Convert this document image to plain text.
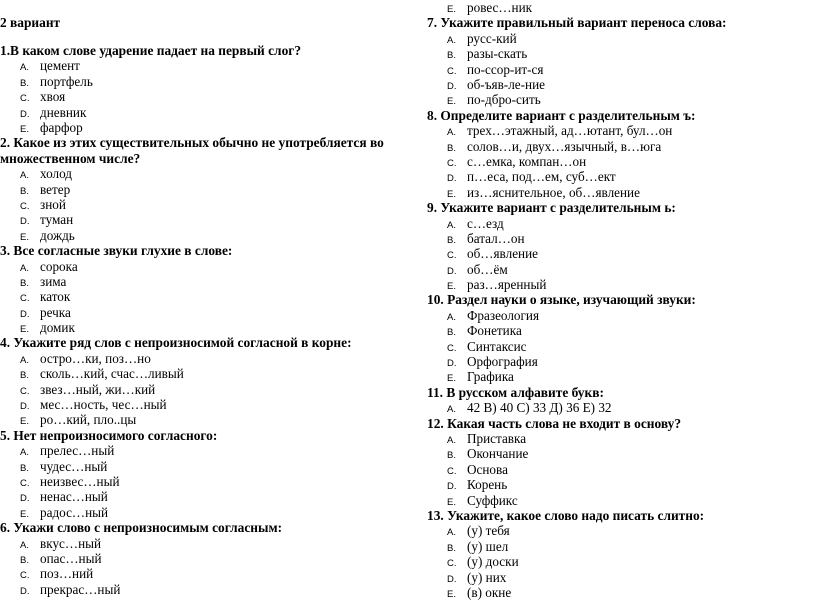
2 вариант
1.В каком слове ударение падает на первый слог?
A. цемент
B. портфель
C. хвоя
D. дневник
E. фарфор
2. Какое из этих существительных обычно не употребляется во множественном числе?
A. холод
B. ветер
C. зной
D. туман
E. дождь
3. Все согласные звуки глухие в слове:
A. сорока
B. зима
C. каток
D. речка
E. домик
4. Укажите ряд слов с непроизносимой согласной в корне:
A. остро…ки, поз…но
B. сколь…кий, счас…ливый
C. звез…ный, жи…кий
D. мес…ность, чес…ный
E. ро…кий, пло..цы
5. Нет непроизносимого согласного:
A. прелес…ный
B. чудес…ный
C. неизвес…ный
D. ненас…ный
E. радос…ный
6. Укажи слово с непроизносимым согласным:
A. вкус…ный
B. опас…ный
C. поз…ний
D. прекрас…ный
E. ровес…ник
7. Укажите правильный вариант переноса слова:
A. русс-кий
B. разы-скать
C. по-ссор-ит-ся
D. об-ъяв-ле-ние
E. по-дбро-сить
8. Определите вариант с разделительным ъ:
A. трех…этажный, ад…ютант, бул…он
B. солов…и, двух…язычный, в…юга
C. с…емка, компан…он
D. п…еса, под…ем, суб…ект
E. из…яснительное, об…явление
9. Укажите вариант с разделительным ь:
A. с…езд
B. батал…он
C. об…явление
D. об…ём
E. раз…яренный
10. Раздел науки о языке, изучающий звуки:
A. Фразеология
B. Фонетика
C. Синтаксис
D. Орфография
E. Графика
11. В русском алфавите букв:
A. 42 В) 40 С) 33 Д) 36 Е) 32
12. Какая часть слова не входит в основу?
A. Приставка
B. Окончание
C. Основа
D. Корень
E. Суффикс
13. Укажите, какое слово надо писать слитно:
A. (у) тебя
B. (у) шел
C. (у) доски
D. (у) них
E. (в) окне
